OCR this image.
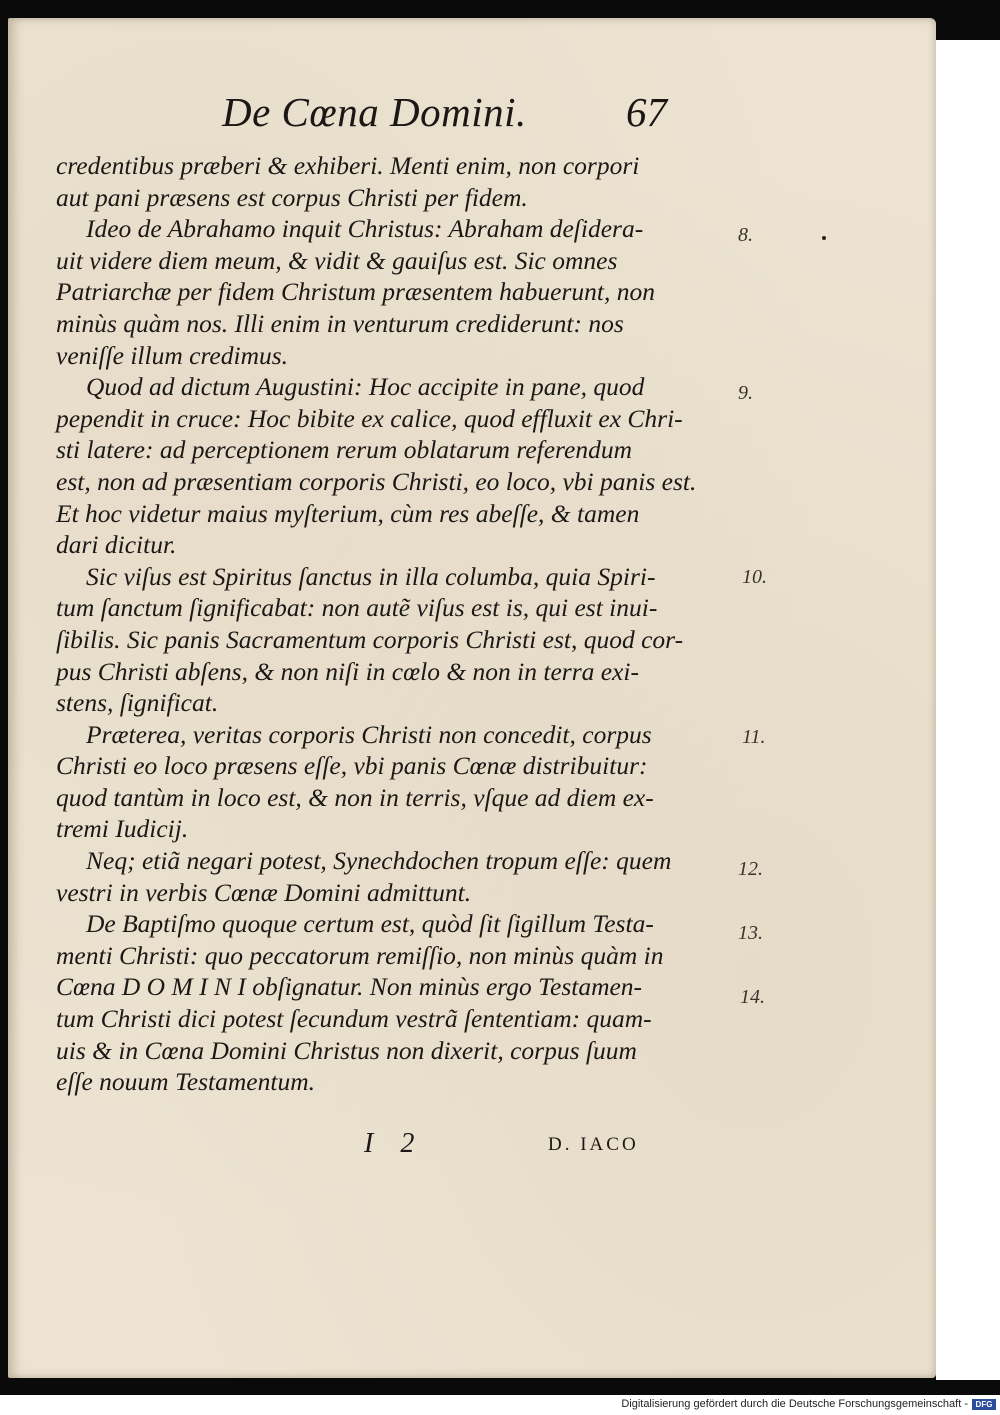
De Cœna Domini. 67
credentibus præberi & exhiberi. Menti enim, non corpori
aut pani præsens est corpus Christi per fidem.
Ideo de Abrahamo inquit Christus: Abraham deſidera-
uit videre diem meum, & vidit & gauiſus est. Sic omnes
Patriarchæ per fidem Christum præsentem habuerunt, non
minùs quàm nos. Illi enim in venturum crediderunt: nos
veniſſe illum credimus.
Quod ad dictum Augustini: Hoc accipite in pane, quod
pependit in cruce: Hoc bibite ex calice, quod effluxit ex Chri-
sti latere: ad perceptionem rerum oblatarum referendum
est, non ad præsentiam corporis Christi, eo loco, vbi panis est.
Et hoc videtur maius myſterium, cùm res abeſſe, & tamen
dari dicitur.
Sic viſus est Spiritus ſanctus in illa columba, quia Spiri-
tum ſanctum ſignificabat: non autẽ viſus est is, qui est inui-
ſibilis. Sic panis Sacramentum corporis Christi est, quod cor-
pus Christi abſens, & non niſi in cœlo & non in terra exi-
stens, ſignificat.
Præterea, veritas corporis Christi non concedit, corpus
Christi eo loco præsens eſſe, vbi panis Cœnæ distribuitur:
quod tantùm in loco est, & non in terris, vſque ad diem ex-
tremi Iudicij.
Neq; etiã negari potest, Synechdochen tropum eſſe: quem
vestri in verbis Cœnæ Domini admittunt.
De Baptiſmo quoque certum est, quòd ſit ſigillum Testa-
menti Christi: quo peccatorum remiſſio, non minùs quàm in
Cœna D O M I N I obſignatur. Non minùs ergo Testamen-
tum Christi dici potest ſecundum vestrã ſententiam: quam-
uis & in Cœna Domini Christus non dixerit, corpus ſuum
eſſe nouum Testamentum.
8.
9.
10.
11.
12.
13.
14.
I 2	D. IACO
Digitalisierung gefördert durch die Deutsche Forschungsgemeinschaft - DFG
